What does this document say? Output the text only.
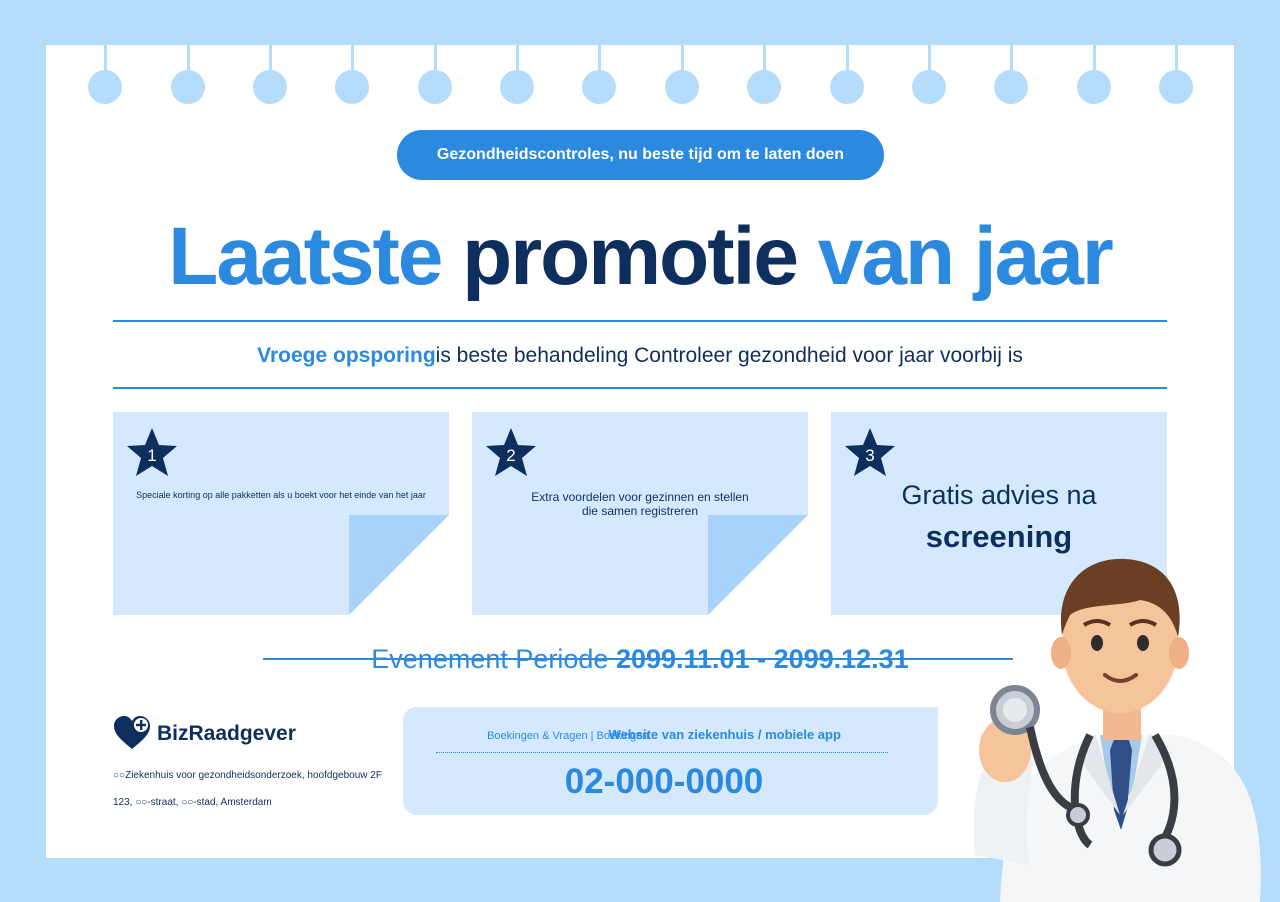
Gezondheidscontroles, nu beste tijd om te laten doen
Laatste promotie van jaar
Vroege opsporingis beste behandeling Controleer gezondheid voor jaar voorbij is
1
Speciale korting op alle pakketten als u boekt voor het einde van het jaar
2
Extra voordelen voor gezinnen en stellen die samen registreren
3
Gratis advies na
screening
Evenement Periode 2099.11.01 - 2099.12.31
BizRaadgever
○○Ziekenhuis voor gezondheidsonderzoek, hoofdgebouw 2F
123, ○○-straat, ○○-stad, Amsterdam
Boekingen & Vragen | BoekingenWebsite van ziekenhuis / mobiele app
02-000-0000
